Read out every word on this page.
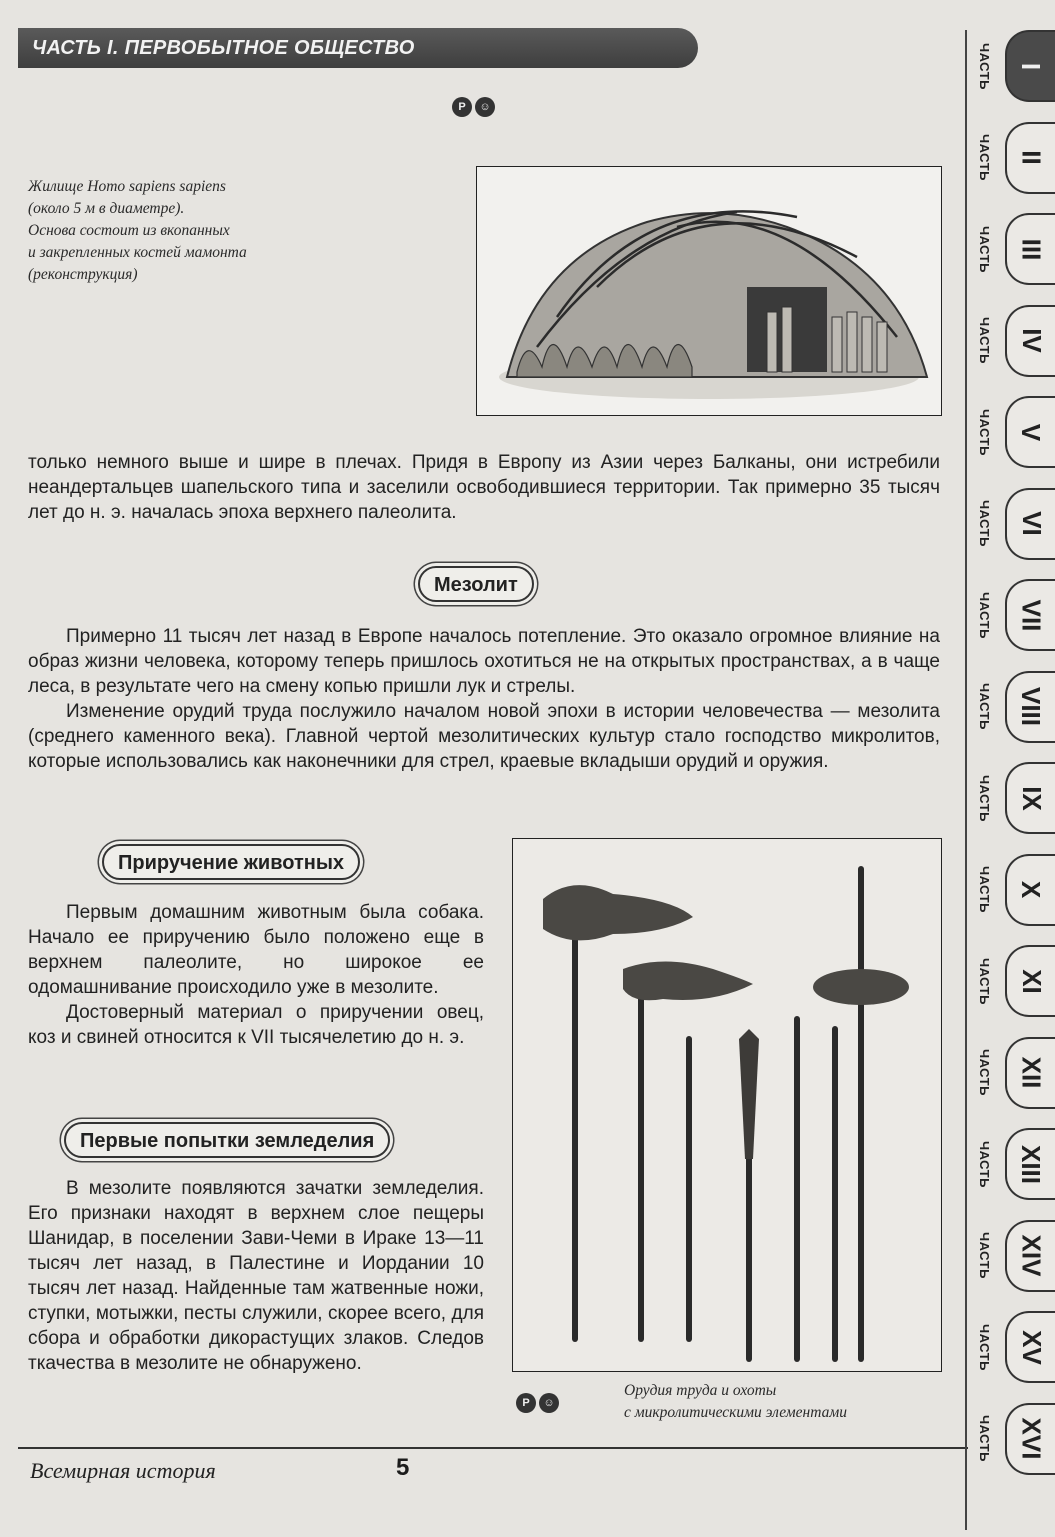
ЧАСТЬ I. ПЕРВОБЫТНОЕ ОБЩЕСТВО
Жилище Homo sapiens sapiens
(около 5 м в диаметре).
Основа состоит из вкопанных
и закрепленных костей мамонта
(реконструкция)

только немного выше и шире в плечах. Придя в Европу из Азии через Балканы, они истребили неандертальцев шапельского типа и заселили освободившиеся территории. Так примерно 35 тысяч лет до н. э. началась эпоха верхнего палеолита.

Мезолит

Примерно 11 тысяч лет назад в Европе началось потепление. Это оказало огромное влияние на образ жизни человека, которому теперь пришлось охотиться не на открытых пространствах, а в чаще леса, в результате чего на смену копью пришли лук и стрелы.

Изменение орудий труда послужило началом новой эпохи в истории человечества — мезолита (среднего каменного века). Главной чертой мезолитических культур стало господство микролитов, которые использовались как наконечники для стрел, краевые вкладыши орудий и оружия.

Приручение животных

Первым домашним животным была собака. Начало ее приручению было положено еще в верхнем палеолите, но широкое ее одомашнивание происходило уже в мезолите.

Достоверный материал о приручении овец, коз и свиней относится к VII тысячелетию до н. э.

Первые попытки земледелия

В мезолите появляются зачатки земледелия. Его признаки находят в верхнем слое пещеры Шанидар, в поселении Зави-Чеми в Ираке 13—11 тысяч лет назад, в Палестине и Иордании 10 тысяч лет назад. Найденные там жатвенные ножи, ступки, мотыжки, песты служили, скорее всего, для сбора и обработки дикорастущих злаков. Следов ткачества в мезолите не обнаружено.

Р	☺
Р	☺
Орудия труда и охоты
с микролитическими элементами
Всемирная история	5
ЧАСТЬ I
ЧАСТЬ II
ЧАСТЬ III
ЧАСТЬ IV
ЧАСТЬ V
ЧАСТЬ VI
ЧАСТЬ VII
ЧАСТЬ VIII
ЧАСТЬ IX
ЧАСТЬ X
ЧАСТЬ XI
ЧАСТЬ XII
ЧАСТЬ XIII
ЧАСТЬ XIV
ЧАСТЬ XV
ЧАСТЬ XVI
